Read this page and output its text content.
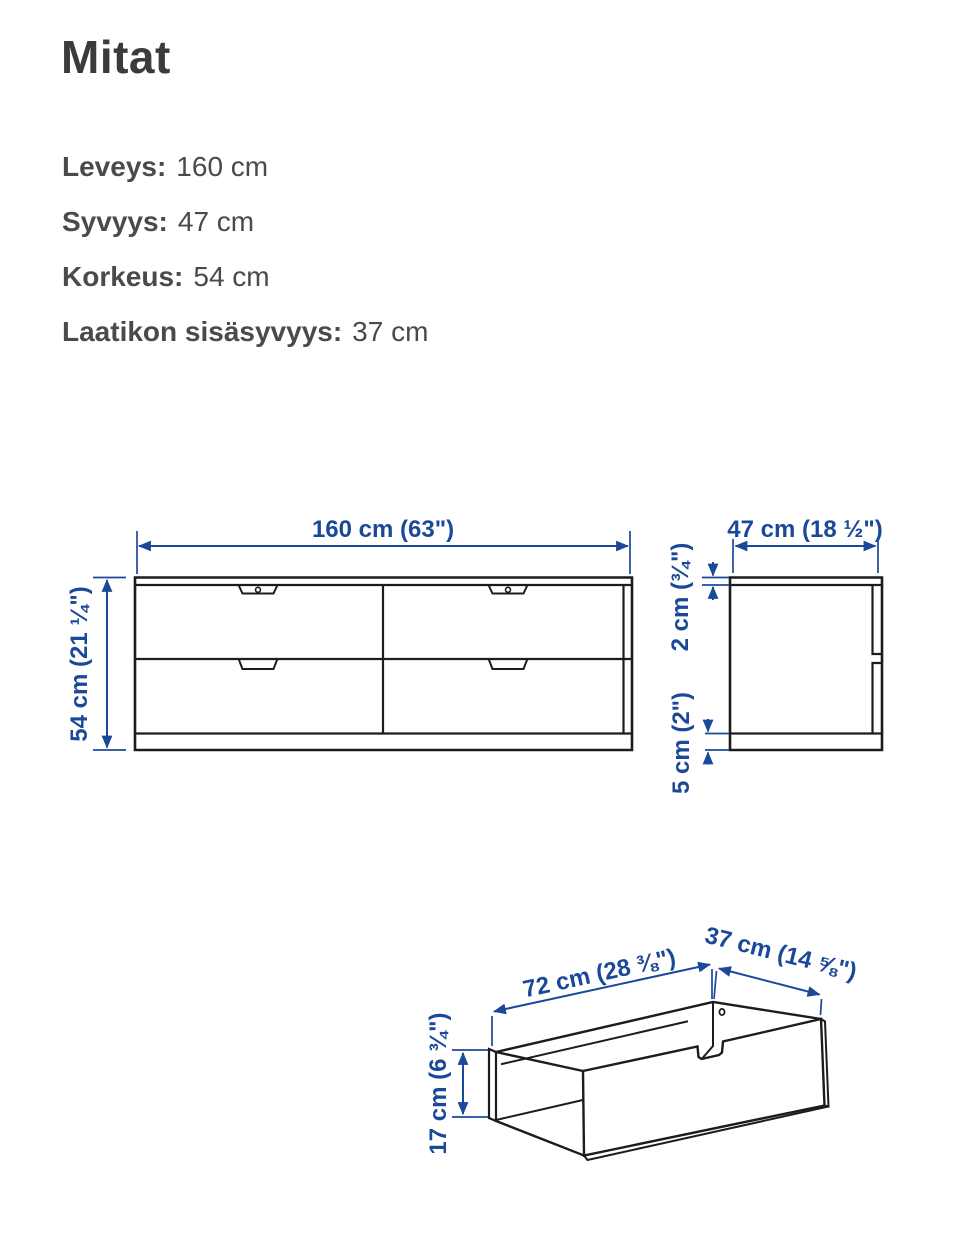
Mitat
Leveys: 160 cm
Syvyys: 47 cm
Korkeus: 54 cm
Laatikon sisäsyvyys: 37 cm
160 cm (63")
54 cm (21 ¼")
47 cm (18 ½")
2 cm (¾")
5 cm (2")
72 cm (28 ⅜") 37 cm (14 ⅝")
17 cm (6 ¾")
